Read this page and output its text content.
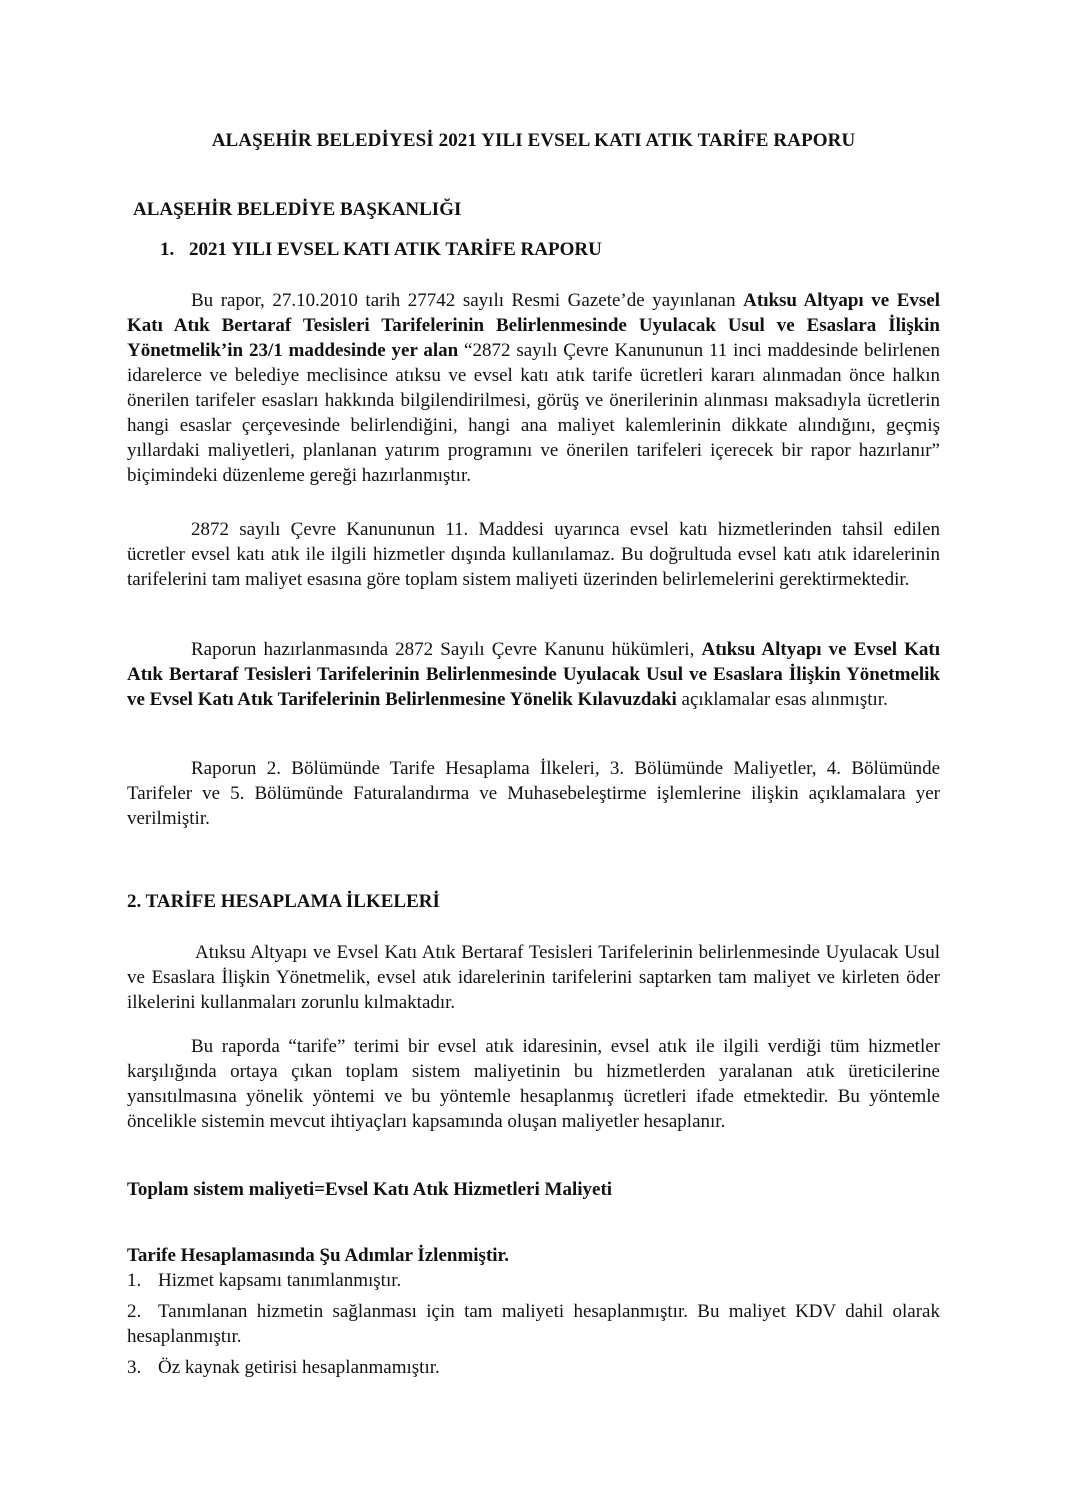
ALAŞEHİR BELEDİYESİ 2021 YILI EVSEL KATI ATIK TARİFE RAPORU
ALAŞEHİR BELEDİYE BAŞKANLIĞI
1. 2021 YILI EVSEL KATI ATIK TARİFE RAPORU

Bu rapor, 27.10.2010 tarih 27742 sayılı Resmi Gazete’de yayınlanan Atıksu Altyapı ve Evsel Katı Atık Bertaraf Tesisleri Tarifelerinin Belirlenmesinde Uyulacak Usul ve Esaslara İlişkin Yönetmelik’in 23/1 maddesinde yer alan “2872 sayılı Çevre Kanununun 11 inci maddesinde belirlenen idarelerce ve belediye meclisince atıksu ve evsel katı atık tarife ücretleri kararı alınmadan önce halkın önerilen tarifeler esasları hakkında bilgilendirilmesi, görüş ve önerilerinin alınması maksadıyla ücretlerin hangi esaslar çerçevesinde belirlendiğini, hangi ana maliyet kalemlerinin dikkate alındığını, geçmiş yıllardaki maliyetleri, planlanan yatırım programını ve önerilen tarifeleri içerecek bir rapor hazırlanır” biçimindeki düzenleme gereği hazırlanmıştır.

2872 sayılı Çevre Kanununun 11. Maddesi uyarınca evsel katı hizmetlerinden tahsil edilen ücretler evsel katı atık ile ilgili hizmetler dışında kullanılamaz. Bu doğrultuda evsel katı atık idarelerinin tarifelerini tam maliyet esasına göre toplam sistem maliyeti üzerinden belirlemelerini gerektirmektedir.

Raporun hazırlanmasında 2872 Sayılı Çevre Kanunu hükümleri, Atıksu Altyapı ve Evsel Katı Atık Bertaraf Tesisleri Tarifelerinin Belirlenmesinde Uyulacak Usul ve Esaslara İlişkin Yönetmelik ve Evsel Katı Atık Tarifelerinin Belirlenmesine Yönelik Kılavuzdaki açıklamalar esas alınmıştır.

Raporun 2. Bölümünde Tarife Hesaplama İlkeleri, 3. Bölümünde Maliyetler, 4. Bölümünde Tarifeler ve 5. Bölümünde Faturalandırma ve Muhasebeleştirme işlemlerine ilişkin açıklamalara yer verilmiştir.

2. TARİFE HESAPLAMA İLKELERİ

Atıksu Altyapı ve Evsel Katı Atık Bertaraf Tesisleri Tarifelerinin belirlenmesinde Uyulacak Usul ve Esaslara İlişkin Yönetmelik, evsel atık idarelerinin tarifelerini saptarken tam maliyet ve kirleten öder ilkelerini kullanmaları zorunlu kılmaktadır.

Bu raporda “tarife” terimi bir evsel atık idaresinin, evsel atık ile ilgili verdiği tüm hizmetler karşılığında ortaya çıkan toplam sistem maliyetinin bu hizmetlerden yaralanan atık üreticilerine yansıtılmasına yönelik yöntemi ve bu yöntemle hesaplanmış ücretleri ifade etmektedir. Bu yöntemle öncelikle sistemin mevcut ihtiyaçları kapsamında oluşan maliyetler hesaplanır.

Toplam sistem maliyeti=Evsel Katı Atık Hizmetleri Maliyeti
Tarife Hesaplamasında Şu Adımlar İzlenmiştir.
1. Hizmet kapsamı tanımlanmıştır.
2. Tanımlanan hizmetin sağlanması için tam maliyeti hesaplanmıştır. Bu maliyet KDV dahil olarak hesaplanmıştır.
3. Öz kaynak getirisi hesaplanmamıştır.
